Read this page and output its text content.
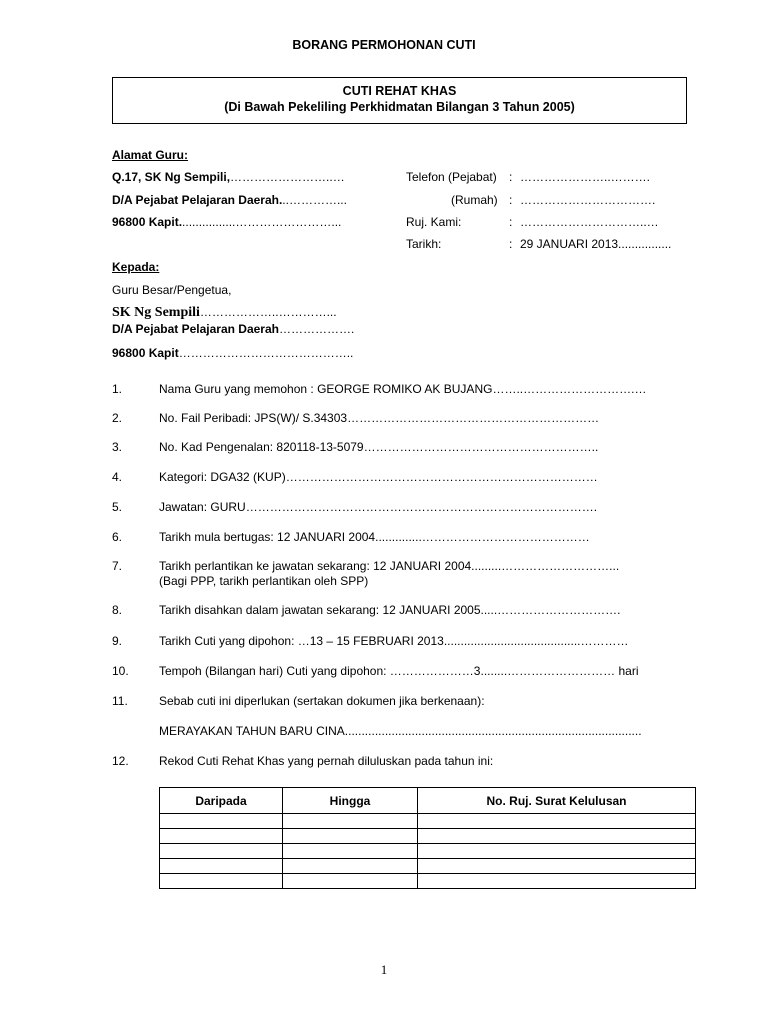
BORANG PERMOHONAN CUTI
CUTI REHAT KHAS
(Di Bawah Pekeliling Perkhidmatan Bilangan 3 Tahun 2005)
Alamat Guru:
Q.17, SK Ng Sempili,……………………..…
D/A Pejabat Pelajaran Daerah...…………...
96800 Kapit.................……………………...
Telefon (Pejabat) : …………………..……….
(Rumah) : …………………………….
Ruj. Kami:	: …………………………..…
Tarikh:	: 29 JANUARI 2013................
Kepada:
Guru Besar/Pengetua,
SK Ng Sempili………………..…………...
D/A Pejabat Pelajaran Daerah……………….
96800 Kapit……………………………………..
1.	Nama Guru yang memohon : GEORGE ROMIKO AK BUJANG……..……………………….…
2.	No. Fail Peribadi: JPS(W)/ S.34303………………………………………………………
3.	No. Kad Pengenalan: 820118-13-5079…………………………………………………..
4.	Kategori: DGA32 (KUP)……………………………………………………………………
5.	Jawatan: GURU…………………………………………………………………………….
6.	Tarikh mula bertugas: 12 JANUARI 2004..............……………………………………
7.	Tarikh perlantikan ke jawatan sekarang: 12 JANUARI 2004.........………………………...
(Bagi PPP, tarikh perlantikan oleh SPP)
8.	Tarikh disahkan dalam jawatan sekarang: 12 JANUARI 2005.....………………………….
9.	Tarikh Cuti yang dipohon: …13 – 15 FEBRUARI 2013.........................................…………
10.	Tempoh (Bilangan hari) Cuti yang dipohon: …………………3........……………………… hari
11.	Sebab cuti ini diperlukan (sertakan dokumen jika berkenaan):
MERAYAKAN TAHUN BARU CINA.........................................................................................
12.	Rekod Cuti Rehat Khas yang pernah diluluskan pada tahun ini:
Daripada	Hingga	No. Ruj. Surat Kelulusan

1
